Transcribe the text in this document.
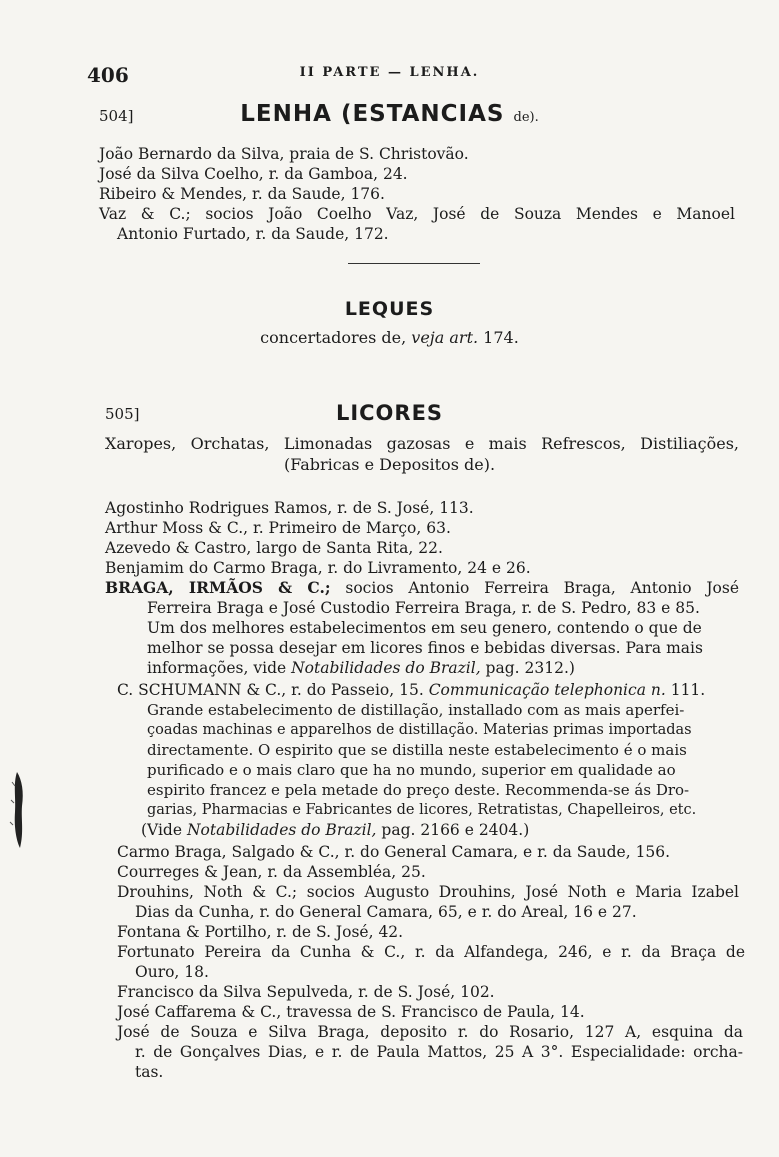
406	II PARTE — LENHA.
504]	LENHA (ESTANCIAS de).
João Bernardo da Silva, praia de S. Christovão.
José da Silva Coelho, r. da Gamboa, 24.
Ribeiro & Mendes, r. da Saude, 176.
Vaz & C.; socios João Coelho Vaz, José de Souza Mendes e Manoel
Antonio Furtado, r. da Saude, 172.
LEQUES
concertadores de, veja art. 174.
505]	LICORES
Xaropes, Orchatas, Limonadas gazosas e mais Refrescos, Distiliações,
(Fabricas e Depositos de).
Agostinho Rodrigues Ramos, r. de S. José, 113.
Arthur Moss & C., r. Primeiro de Março, 63.
Azevedo & Castro, largo de Santa Rita, 22.
Benjamim do Carmo Braga, r. do Livramento, 24 e 26.
BRAGA, IRMÃOS & C.; socios Antonio Ferreira Braga, Antonio José
Ferreira Braga e José Custodio Ferreira Braga, r. de S. Pedro, 83 e 85.
Um dos melhores estabelecimentos em seu genero, contendo o que de
melhor se possa desejar em licores finos e bebidas diversas. Para mais
informações, vide Notabilidades do Brazil, pag. 2312.)
C. SCHUMANN & C., r. do Passeio, 15. Communicação telephonica n. 111.
Grande estabelecimento de distillação, installado com as mais aperfei-
çoadas machinas e apparelhos de distillação. Materias primas importadas
directamente. O espirito que se distilla neste estabelecimento é o mais
purificado e o mais claro que ha no mundo, superior em qualidade ao
espirito francez e pela metade do preço deste. Recommenda-se ás Dro-
garias, Pharmacias e Fabricantes de licores, Retratistas, Chapelleiros, etc.
(Vide Notabilidades do Brazil, pag. 2166 e 2404.)
Carmo Braga, Salgado & C., r. do General Camara, e r. da Saude, 156.
Courreges & Jean, r. da Assembléa, 25.
Drouhins, Noth & C.; socios Augusto Drouhins, José Noth e Maria Izabel
Dias da Cunha, r. do General Camara, 65, e r. do Areal, 16 e 27.
Fontana & Portilho, r. de S. José, 42.
Fortunato Pereira da Cunha & C., r. da Alfandega, 246, e r. da Braça de
Ouro, 18.
Francisco da Silva Sepulveda, r. de S. José, 102.
José Caffarema & C., travessa de S. Francisco de Paula, 14.
José de Souza e Silva Braga, deposito r. do Rosario, 127 A, esquina da
r. de Gonçalves Dias, e r. de Paula Mattos, 25 A 3°. Especialidade: orcha-
tas.
